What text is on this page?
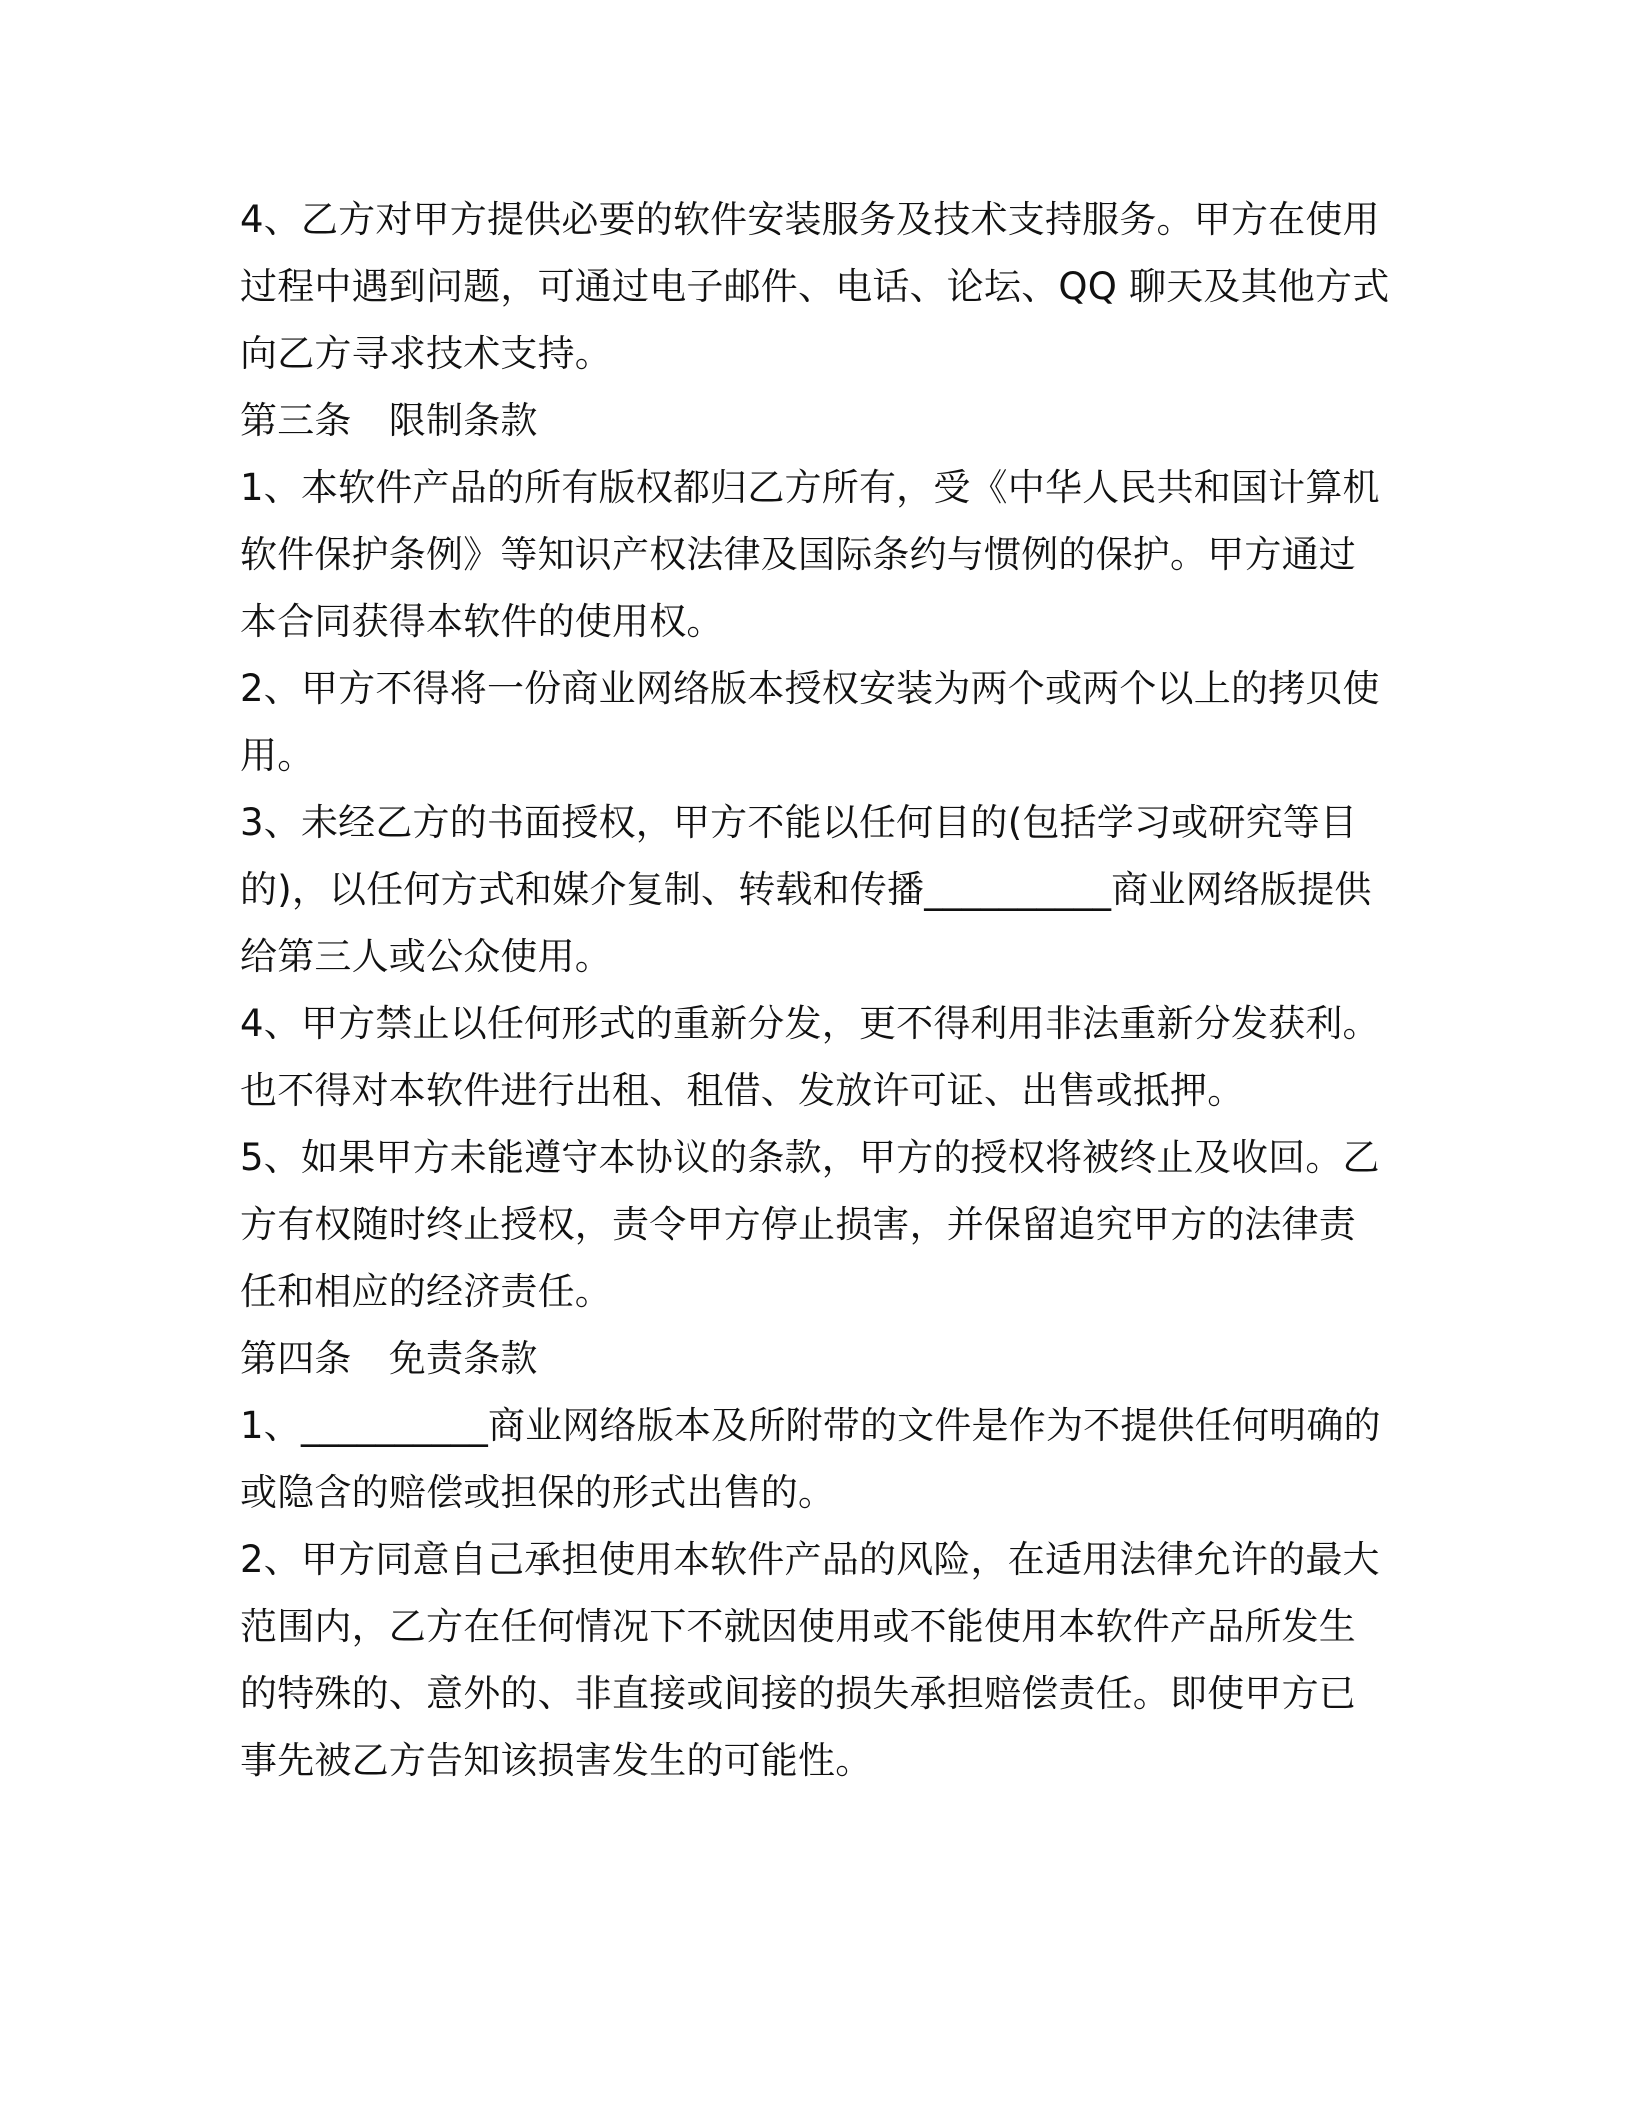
4、乙方对甲方提供必要的软件安装服务及技术支持服务。甲方在使用过程中遇到问题，可通过电子邮件、电话、论坛、QQ 聊天及其他方式向乙方寻求技术支持。

第三条　限制条款

1、本软件产品的所有版权都归乙方所有，受《中华人民共和国计算机软件保护条例》等知识产权法律及国际条约与惯例的保护。甲方通过本合同获得本软件的使用权。

2、甲方不得将一份商业网络版本授权安装为两个或两个以上的拷贝使用。

3、未经乙方的书面授权，甲方不能以任何目的(包括学习或研究等目的)，以任何方式和媒介复制、转载和传播__________商业网络版提供给第三人或公众使用。

4、甲方禁止以任何形式的重新分发，更不得利用非法重新分发获利。也不得对本软件进行出租、租借、发放许可证、出售或抵押。

5、如果甲方未能遵守本协议的条款，甲方的授权将被终止及收回。乙方有权随时终止授权，责令甲方停止损害，并保留追究甲方的法律责任和相应的经济责任。

第四条　免责条款

1、__________商业网络版本及所附带的文件是作为不提供任何明确的或隐含的赔偿或担保的形式出售的。

2、甲方同意自己承担使用本软件产品的风险，在适用法律允许的最大范围内，乙方在任何情况下不就因使用或不能使用本软件产品所发生的特殊的、意外的、非直接或间接的损失承担赔偿责任。即使甲方已事先被乙方告知该损害发生的可能性。
